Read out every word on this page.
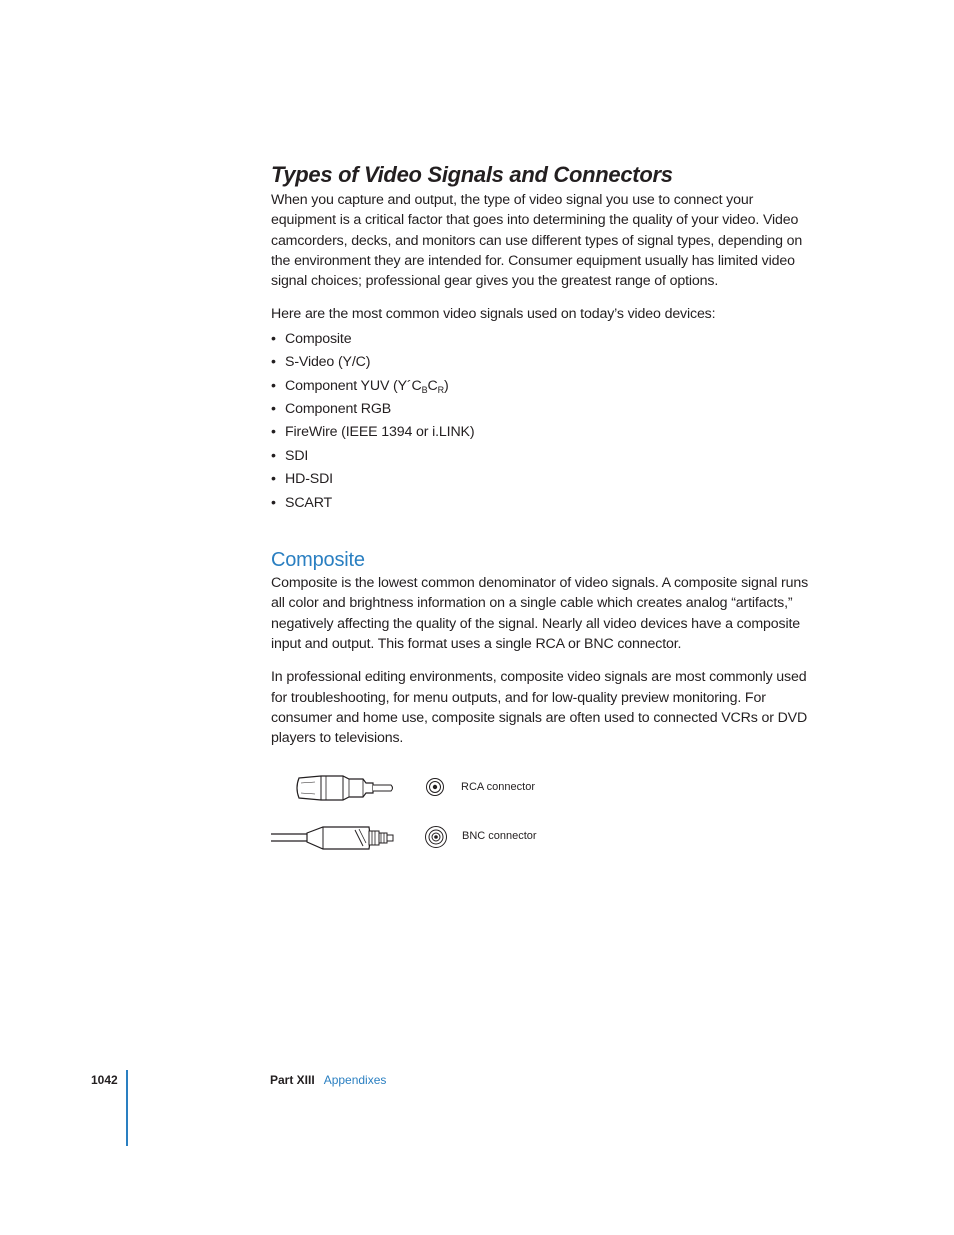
Types of Video Signals and Connectors

When you capture and output, the type of video signal you use to connect your equipment is a critical factor that goes into determining the quality of your video. Video camcorders, decks, and monitors can use different types of signal types, depending on the environment they are intended for. Consumer equipment usually has limited video signal choices; professional gear gives you the greatest range of options.

Here are the most common video signals used on today’s video devices:

• Composite
• S-Video (Y/C)
• Component YUV $(Y´C_BC_R)$
• Component RGB
• FireWire (IEEE 1394 or i.LINK)
• SDI
• HD-SDI
• SCART
Composite

Composite is the lowest common denominator of video signals. A composite signal runs all color and brightness information on a single cable which creates analog “artifacts,” negatively affecting the quality of the signal. Nearly all video devices have a composite input and output. This format uses a single RCA or BNC connector.

In professional editing environments, composite video signals are most commonly used for troubleshooting, for menu outputs, and for low-quality preview monitoring. For consumer and home use, composite signals are often used to connected VCRs or DVD players to televisions.

RCA connector
BNC connector
1042	Part XIII Appendixes
